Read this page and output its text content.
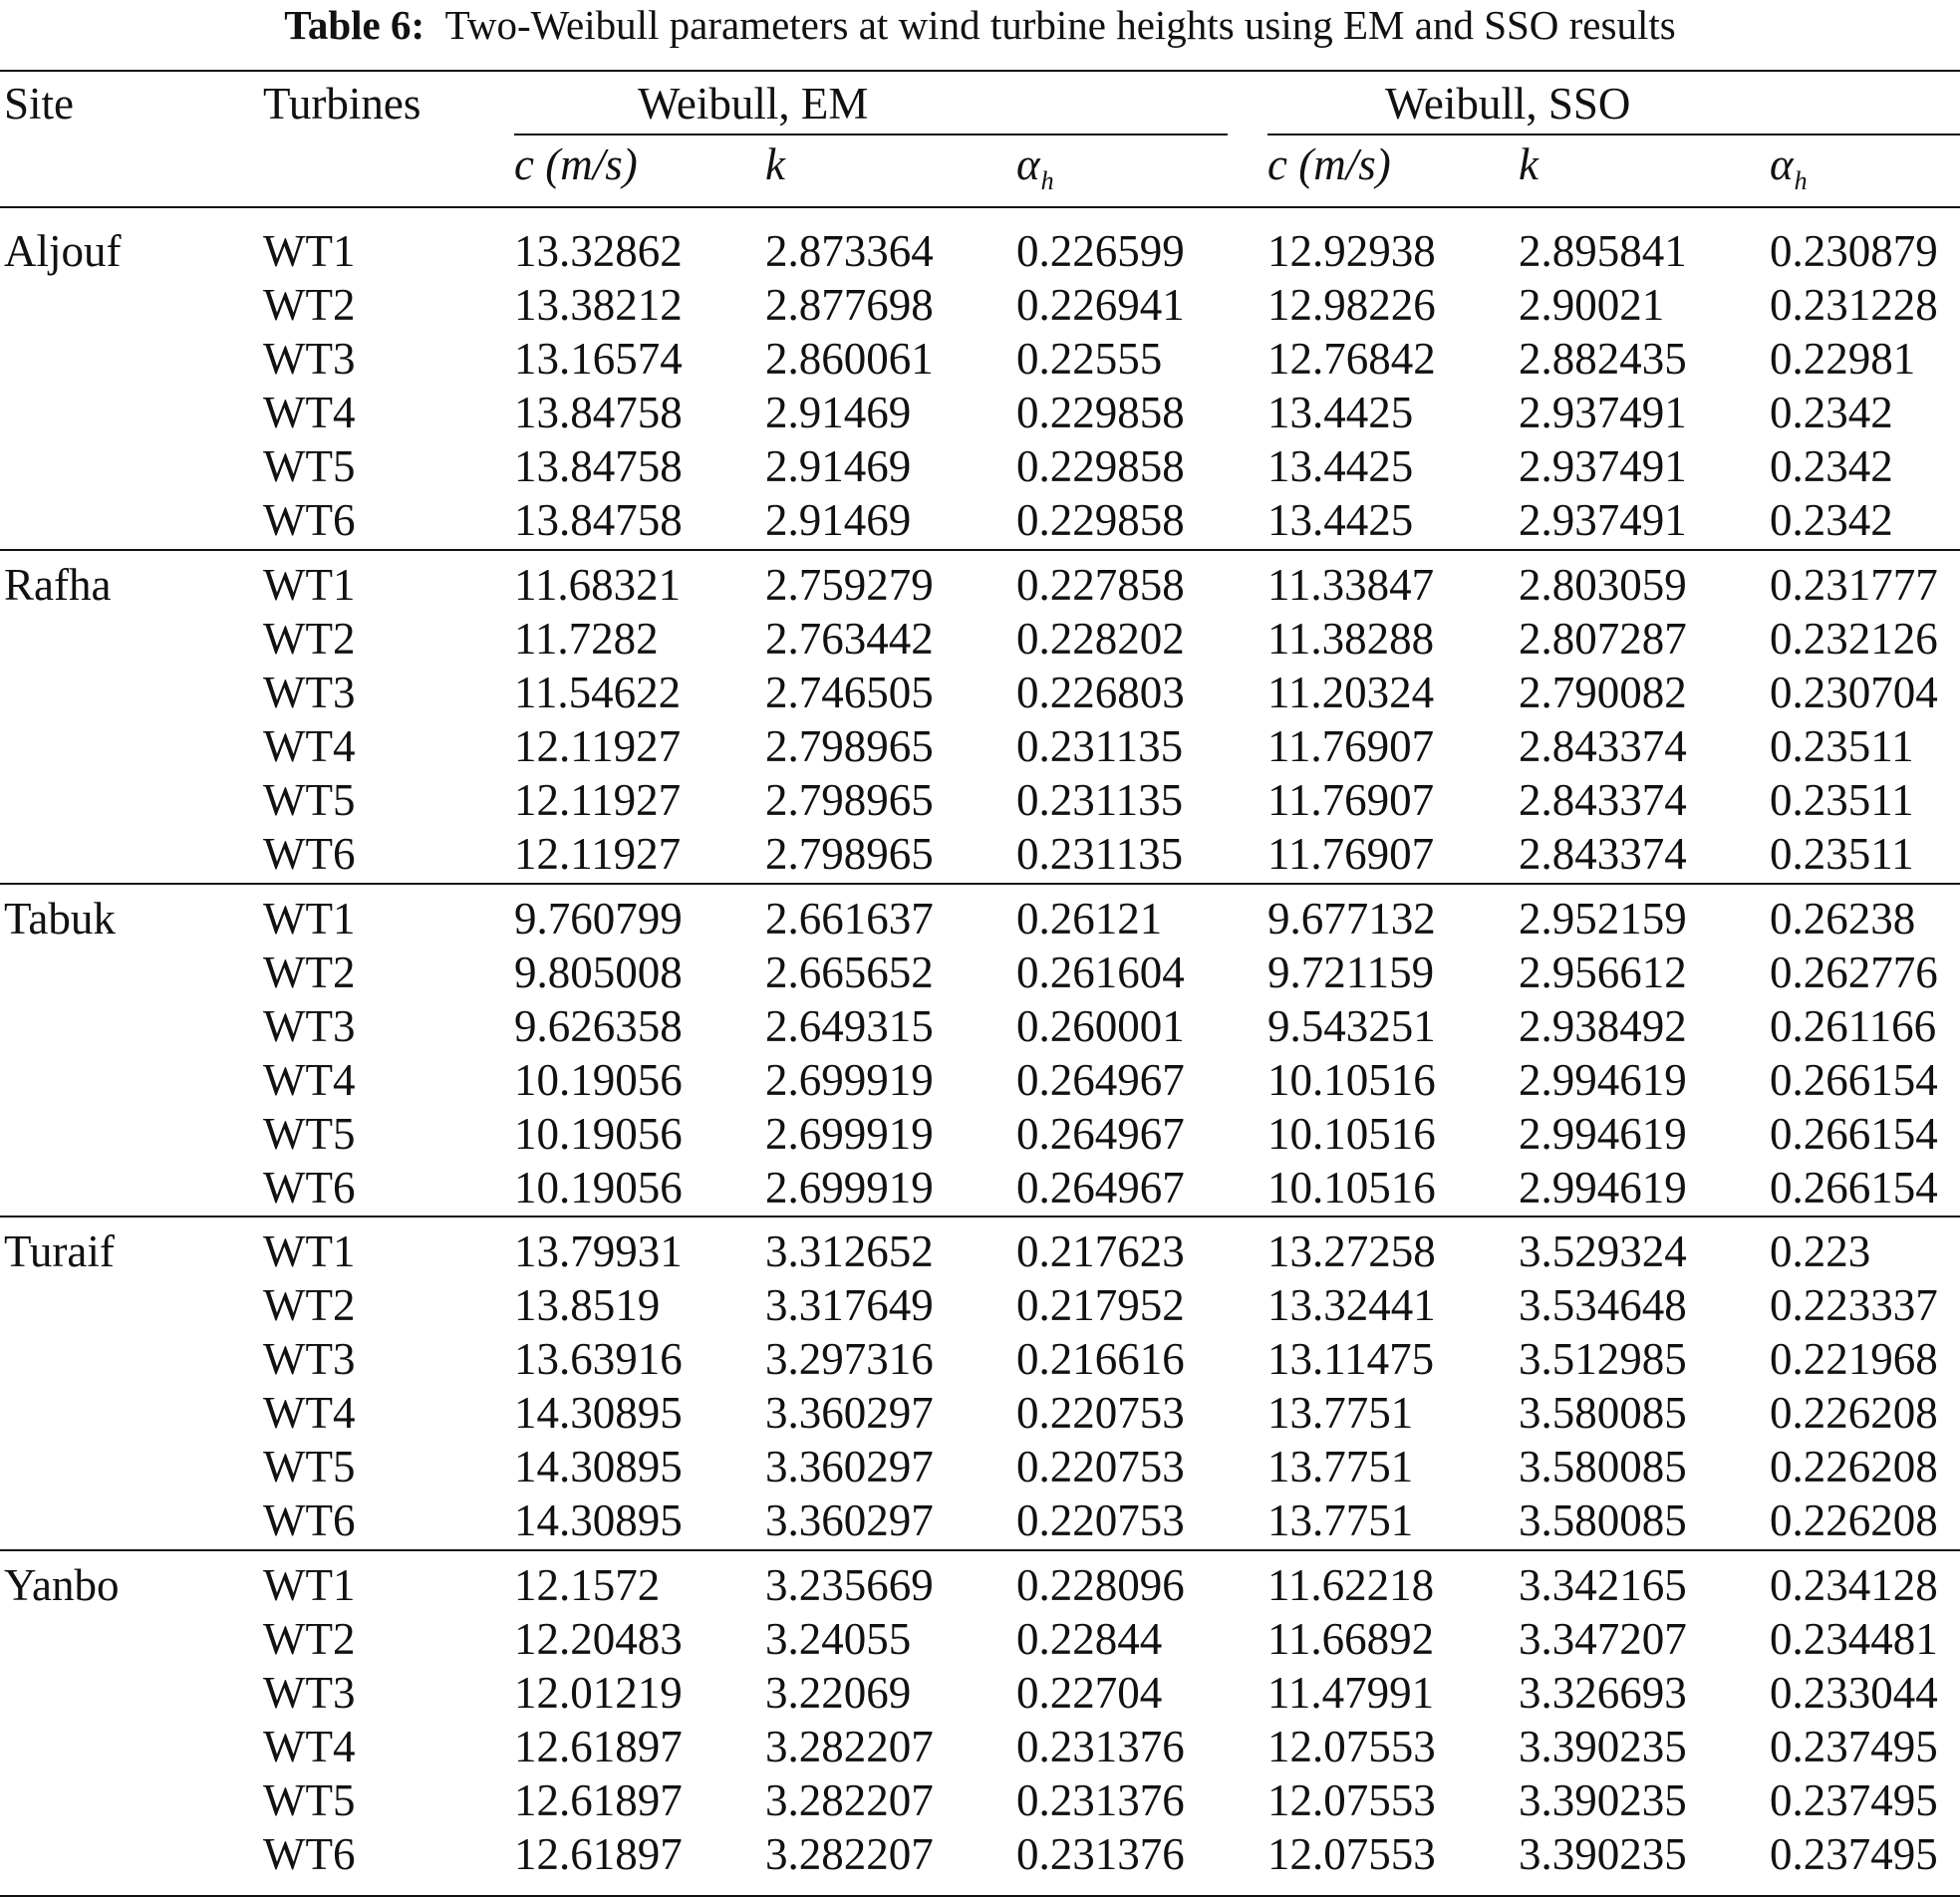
Table 6: Two-Weibull parameters at wind turbine heights using EM and SSO results
Site	Turbines	Weibull, EM	Weibull, SSO
c (m/s)	k	$\alpha_h$	c (m/s)	k	$\alpha_h$
Aljouf	WT1	13.32862 2.873364 0.226599 12.92938 2.895841 0.230879
WT2	13.38212 2.877698 0.226941 12.98226 2.90021 0.231228
WT3	13.16574 2.860061 0.22555 12.76842 2.882435 0.22981
WT4	13.84758 2.91469 0.229858 13.4425 2.937491 0.2342
WT5	13.84758 2.91469 0.229858 13.4425 2.937491 0.2342
WT6	13.84758 2.91469 0.229858 13.4425 2.937491 0.2342
Rafha	WT1	11.68321 2.759279 0.227858 11.33847 2.803059 0.231777
WT2	11.7282 2.763442 0.228202 11.38288 2.807287 0.232126
WT3	11.54622 2.746505 0.226803 11.20324 2.790082 0.230704
WT4	12.11927 2.798965 0.231135 11.76907 2.843374 0.23511
WT5	12.11927 2.798965 0.231135 11.76907 2.843374 0.23511
WT6	12.11927 2.798965 0.231135 11.76907 2.843374 0.23511
Tabuk	WT1	9.760799 2.661637 0.26121 9.677132 2.952159 0.26238
WT2	9.805008 2.665652 0.261604 9.721159 2.956612 0.262776
WT3	9.626358 2.649315 0.260001 9.543251 2.938492 0.261166
WT4	10.19056 2.699919 0.264967 10.10516 2.994619 0.266154
WT5	10.19056 2.699919 0.264967 10.10516 2.994619 0.266154
WT6	10.19056 2.699919 0.264967 10.10516 2.994619 0.266154
Turaif	WT1	13.79931 3.312652 0.217623 13.27258 3.529324 0.223
WT2	13.8519 3.317649 0.217952 13.32441 3.534648 0.223337
WT3	13.63916 3.297316 0.216616 13.11475 3.512985 0.221968
WT4	14.30895 3.360297 0.220753 13.7751 3.580085 0.226208
WT5	14.30895 3.360297 0.220753 13.7751 3.580085 0.226208
WT6	14.30895 3.360297 0.220753 13.7751 3.580085 0.226208
Yanbo	WT1	12.1572 3.235669 0.228096 11.62218 3.342165 0.234128
WT2	12.20483 3.24055 0.22844 11.66892 3.347207 0.234481
WT3	12.01219 3.22069 0.22704 11.47991 3.326693 0.233044
WT4	12.61897 3.282207 0.231376 12.07553 3.390235 0.237495
WT5	12.61897 3.282207 0.231376 12.07553 3.390235 0.237495
WT6	12.61897 3.282207 0.231376 12.07553 3.390235 0.237495
